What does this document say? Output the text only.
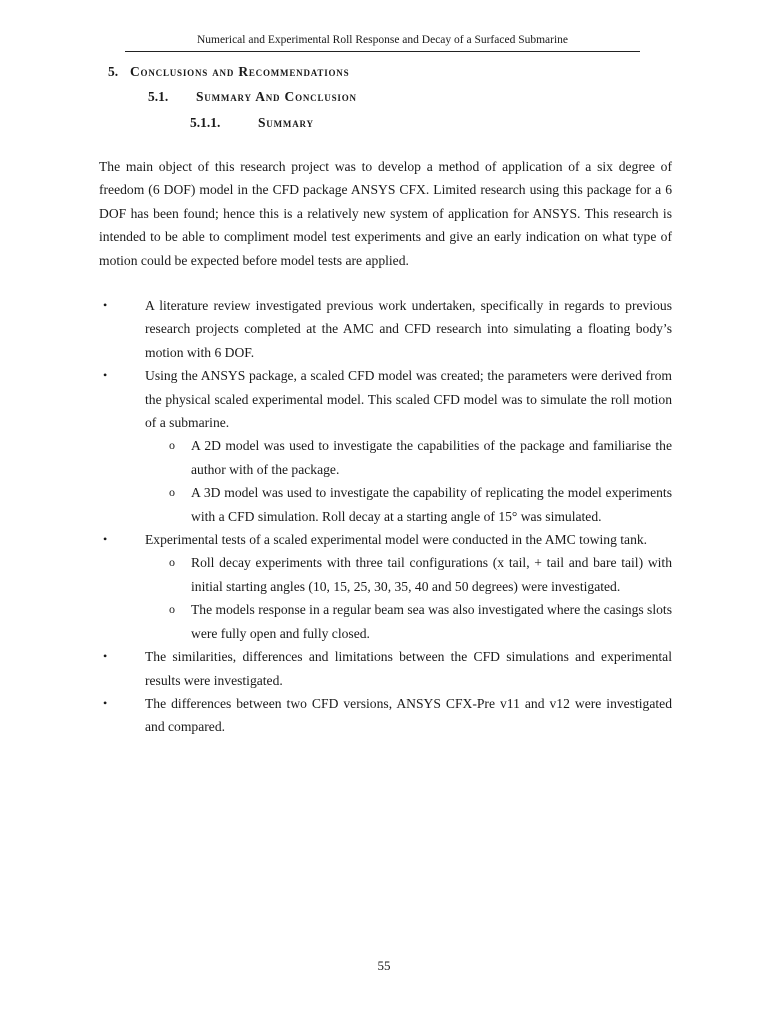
Numerical and Experimental Roll Response and Decay of a Surfaced Submarine
5. Conclusions and Recommendations
5.1. Summary And Conclusion
5.1.1.	Summary

The main object of this research project was to develop a method of application of a six degree of freedom (6 DOF) model in the CFD package ANSYS CFX. Limited research using this package for a 6 DOF has been found; hence this is a relatively new system of application for ANSYS. This research is intended to be able to compliment model test experiments and give an early indication on what type of motion could be expected before model tests are applied.

•	A literature review investigated previous work undertaken, specifically in regards to previous research projects completed at the AMC and CFD research into simulating a floating body’s motion with 6 DOF.
•	Using the ANSYS package, a scaled CFD model was created; the parameters were derived from the physical scaled experimental model. This scaled CFD model was to simulate the roll motion of a submarine.
o A 2D model was used to investigate the capabilities of the package and familiarise the author with of the package.
o A 3D model was used to investigate the capability of replicating the model experiments with a CFD simulation. Roll decay at a starting angle of 15° was simulated.
•	Experimental tests of a scaled experimental model were conducted in the AMC towing tank.
o Roll decay experiments with three tail configurations (x tail, + tail and bare tail) with initial starting angles (10, 15, 25, 30, 35, 40 and 50 degrees) were investigated.
o The models response in a regular beam sea was also investigated where the casings slots were fully open and fully closed.
•	The similarities, differences and limitations between the CFD simulations and experimental results were investigated.
•	The differences between two CFD versions, ANSYS CFX-Pre v11 and v12 were investigated and compared.
55
